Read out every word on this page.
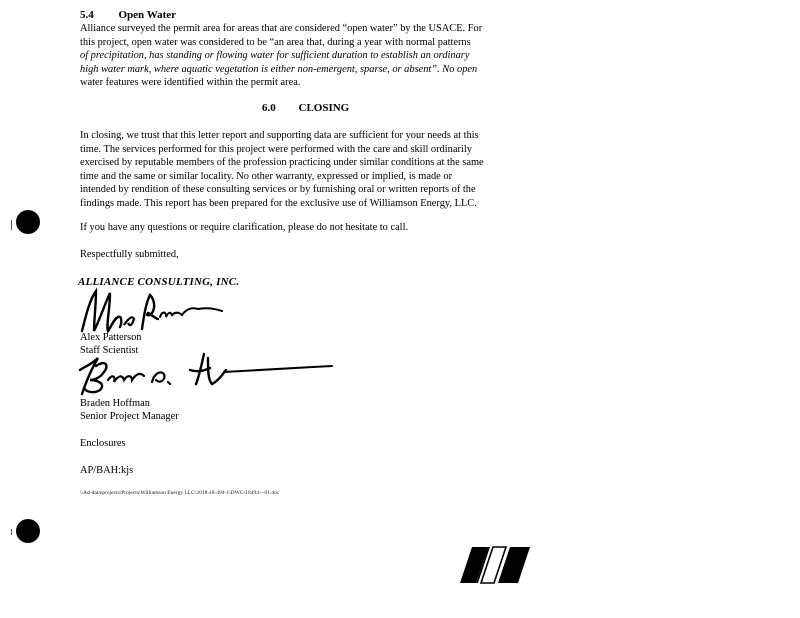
5.4 Open Water
Alliance surveyed the permit area for areas that are considered “open water” by the USACE. For
this project, open water was considered to be “an area that, during a year with normal patterns
of precipitation, has standing or flowing water for sufficient duration to establish an ordinary
high water mark, where aquatic vegetation is either non-emergent, sparse, or absent”. No open
water features were identified within the permit area.
6.0 CLOSING
In closing, we trust that this letter report and supporting data are sufficient for your needs at this
time. The services performed for this project were performed with the care and skill ordinarily
exercised by reputable members of the profession practicing under similar conditions at the same
time and the same or similar locality. No other warranty, expressed or implied, is made or
intended by rendition of these consulting services or by furnishing oral or written reports of the
findings made. This report has been prepared for the exclusive use of Williamson Energy, LLC.
If you have any questions or require clarification, please do not hesitate to call.
Respectfully submitted,
ALLIANCE CONSULTING, INC.
Alex Patterson
Staff Scientist
Braden Hoffman
Senior Project Manager
Enclosures
AP/BAH:kjs
\\Ad-data\projects\Projects\Williamson Energy LLC\2018\18-494-1\DWG\18494—01.doc
